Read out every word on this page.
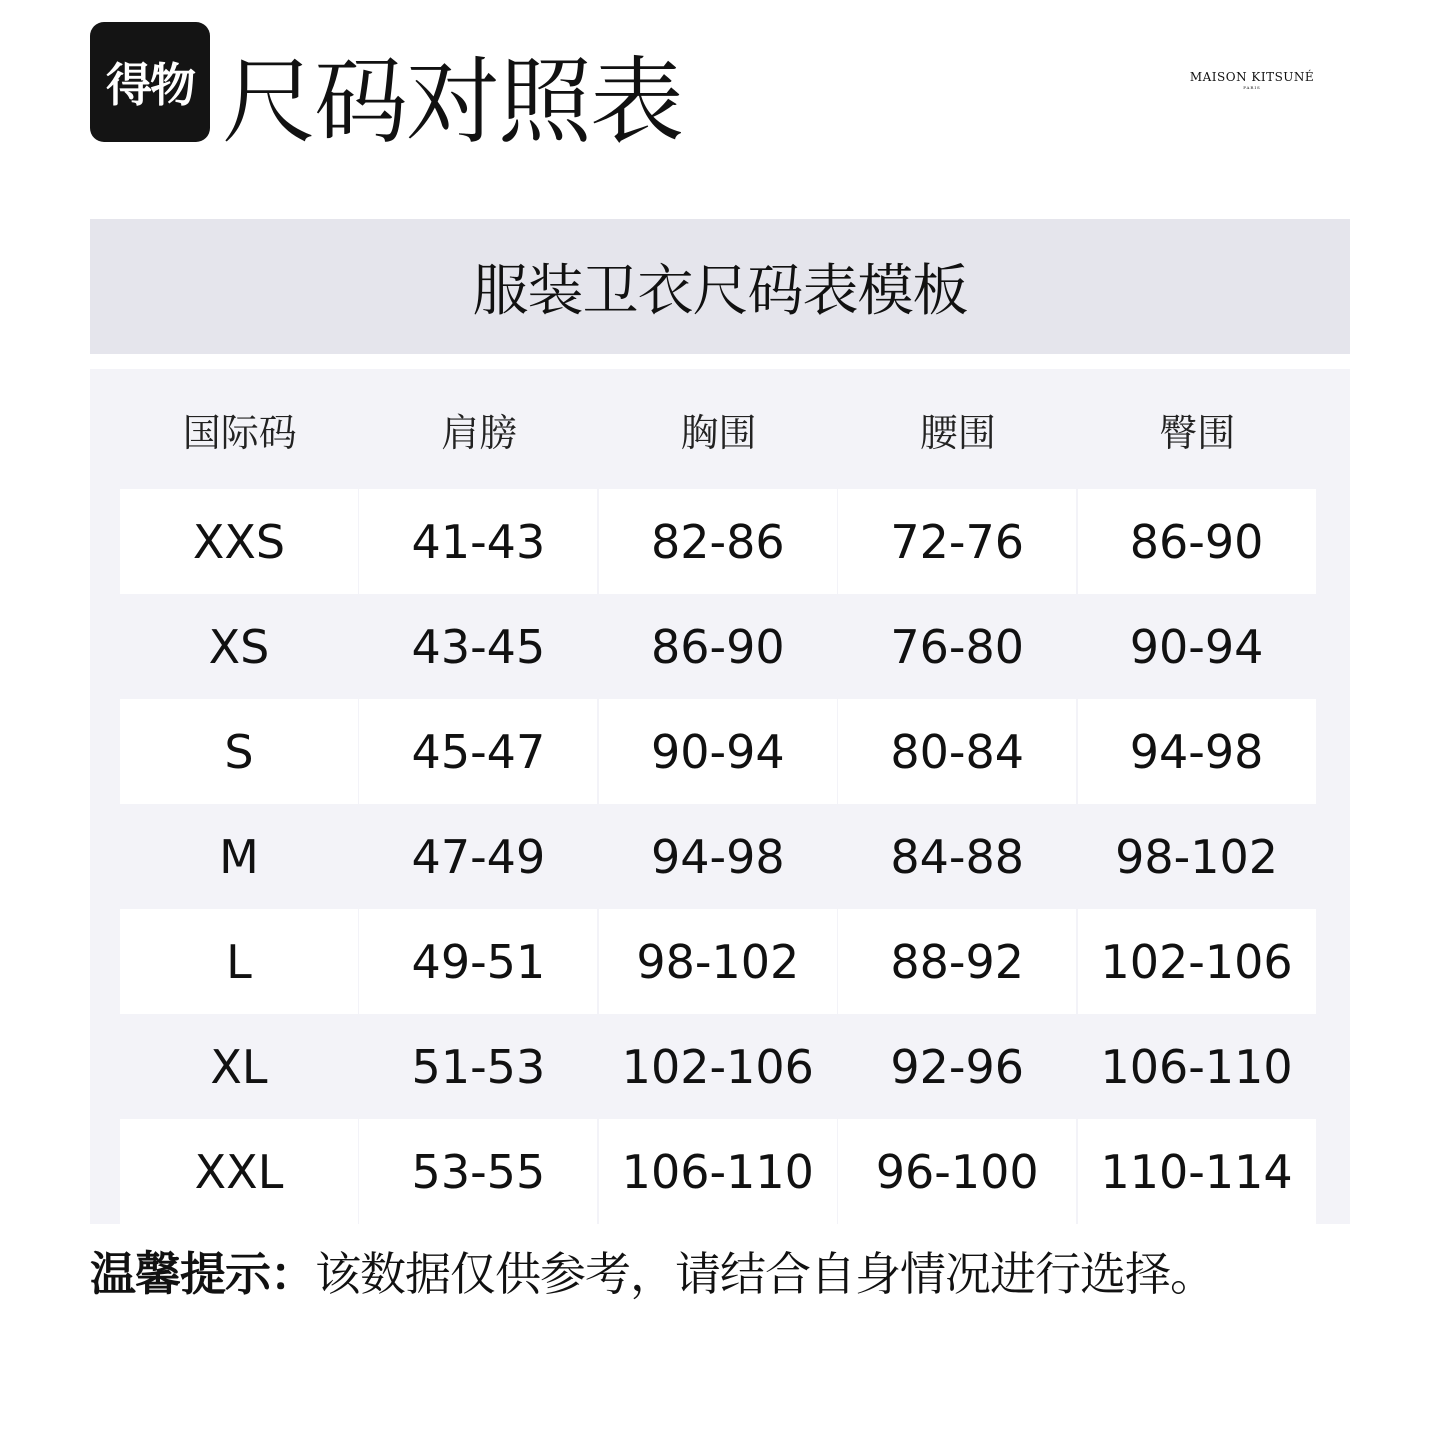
得物 尺码对照表	MAISON KITSUNÉ
PARIS
服装卫衣尺码表模板
国际码	肩膀	胸围	腰围	臀围
XXS	41-43	82-86	72-76	86-90
XS	43-45	86-90	76-80	90-94
S	45-47	90-94	80-84	94-98
M	47-49	94-98	84-88	98-102
L	49-51	98-102	88-92	102-106
XL	51-53	102-106	92-96	106-110
XXL	53-55	106-110	96-100	110-114
温馨提示：该数据仅供参考，请结合自身情况进行选择。
